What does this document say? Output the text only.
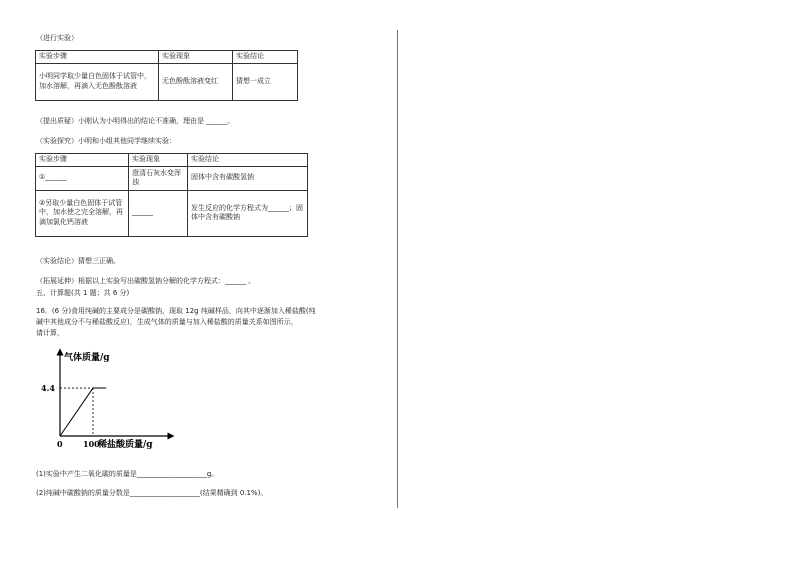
（进行实验）
实验步骤	实验现象	实验结论
小明同学取少量白色固体于试管中，加水溶解，再滴入无色酚酞溶液	无色酚酞溶液变红	猜想一成立
（提出质疑）小刚认为小明得出的结论不准确，理由是 ______。
（实验探究）小明和小组其他同学继续实验：
实验步骤	实验现象	实验结论
①______	澄清石灰水变浑浊	固体中含有碳酸氢钠
②另取少量白色固体于试管中，加水使之完全溶解，再滴加氯化钙溶液	______	发生反应的化学方程式为______；固体中含有碳酸钠
（实验结论）猜想三正确。
（拓展延伸）根据以上实验写出碳酸氢钠分解的化学方程式：______ 。
五、计算题(共 1 题；共 6 分)
16．(6 分)食用纯碱的主要成分是碳酸钠，现取 12g 纯碱样品，向其中逐渐加入稀盐酸(纯
碱中其他成分不与稀盐酸反应)，生成气体的质量与加入稀盐酸的质量关系如图所示，
请计算，
气体质量/g
100
稀盐酸质量/g
4.4
0
(1)实验中产生二氧化碳的质量是____________________g。
(2)纯碱中碳酸钠的质量分数是____________________(结果精确到 0.1%)。
